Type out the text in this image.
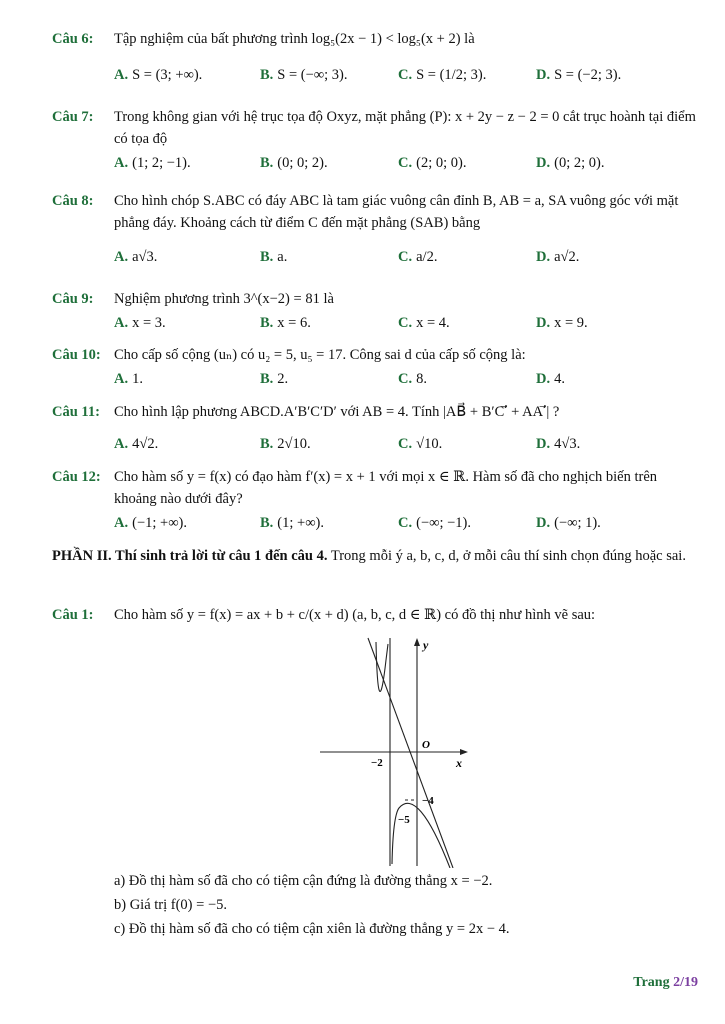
Câu 6: Tập nghiệm của bất phương trình log₅(2x − 1) < log₅(x + 2) là
A. S = (3; +∞).	B. S = (−∞; 3).	C. S = (1/2; 3).	D. S = (−2; 3).
Câu 7: Trong không gian với hệ trục tọa độ Oxyz, mặt phẳng (P): x + 2y − z − 2 = 0 cắt trục hoành tại điểm có tọa độ
A. (1; 2; −1).	B. (0; 0; 2).	C. (2; 0; 0).	D. (0; 2; 0).
Câu 8: Cho hình chóp S.ABC có đáy ABC là tam giác vuông cân đỉnh B, AB = a, SA vuông góc với mặt phẳng đáy. Khoảng cách từ điểm C đến mặt phẳng (SAB) bằng
A. a√3.	B. a.	C. a/2.	D. a√2.
Câu 9: Nghiệm phương trình 3^(x−2) = 81 là
A. x = 3.	B. x = 6.	C. x = 4.	D. x = 9.
Câu 10: Cho cấp số cộng (uₙ) có u₂ = 5, u₅ = 17. Công sai d của cấp số cộng là:
A. 1.	B. 2.	C. 8.	D. 4.
Câu 11: Cho hình lập phương ABCD.A′B′C′D′ với AB = 4. Tính |AB⃗ + B′C′⃗ + AA′⃗| ?
A. 4√2.	B. 2√10.	C. √10.	D. 4√3.
Câu 12: Cho hàm số y = f(x) có đạo hàm f′(x) = x + 1 với mọi x ∈ ℝ. Hàm số đã cho nghịch biến trên khoảng nào dưới đây?
A. (−1; +∞).	B. (1; +∞).	C. (−∞; −1).	D. (−∞; 1).
PHẦN II. Thí sinh trả lời từ câu 1 đến câu 4. Trong mỗi ý a, b, c, d, ở mỗi câu thí sinh chọn đúng hoặc sai.
Câu 1: Cho hàm số y = f(x) = ax + b + c/(x + d) (a, b, c, d ∈ ℝ) có đồ thị như hình vẽ sau:
y
x
O
−2
−4
−5
a) Đồ thị hàm số đã cho có tiệm cận đứng là đường thẳng x = −2.
b) Giá trị f(0) = −5.
c) Đồ thị hàm số đã cho có tiệm cận xiên là đường thẳng y = 2x − 4.
Trang 2/19
